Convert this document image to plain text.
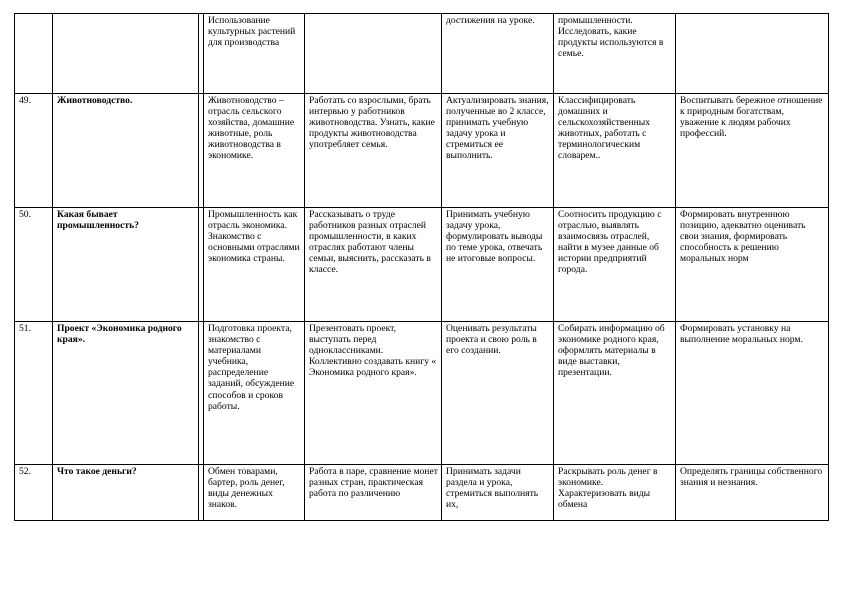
			Использование культурных растений для производства		достижения на уроке.	промышленности. Исследовать, какие продукты используются в семье.	
49.	Животноводство.		Животноводство – отрасль сельского хозяйства, домашние животные, роль животноводства в экономике.	Работать со взрослыми, брать интервью у работников животноводства. Узнать, какие продукты животноводства употребляет семья.	Актуализировать знания, полученные во 2 классе, принимать учебную задачу урока и стремиться ее выполнить.	Классифицировать домашних и сельскохозяйственных животных, работать с терминологическим словарем..	Воспитывать бережное отношение к природным богатствам, уважение к людям рабочих профессий.
50.	Какая бывает промышленность?		Промышленность как отрасль экономика. Знакомство с основными отраслями экономика страны.	Рассказывать о труде работников разных отраслей промышленности, в каких отраслях работают члены семьи, выяснить, рассказать в классе.	Принимать учебную задачу урока, формулировать выводы по теме урока, отвечать не итоговые вопросы.	Соотносить продукцию с отраслью, выявлять взаимосвязь отраслей, найти в музее данные об истории предприятий города.	Формировать внутреннюю позицию, адекватно оценивать свои знания, формировать способность к решению моральных норм
51.	Проект «Экономика родного края».		Подготовка проекта, знакомство с материалами учебника, распределение заданий, обсуждение способов и сроков работы.	Презентовать проект, выступать перед одноклассниками. Коллективно создавать книгу « Экономика родного края».	Оценивать результаты проекта и свою роль в его создании.	Собирать информацию об экономике родного края, оформлять материалы в виде выставки, презентации.	Формировать установку на выполнение моральных норм.
52.	Что такое деньги?		Обмен товарами, бартер, роль денег, виды денежных знаков.	Работа в паре, сравнение монет разных стран, практическая работа по различению	Принимать задачи раздела и урока, стремиться выполнять их,	Раскрывать роль денег в экономике. Характеризовать виды обмена	Определять границы собственного знания и незнания.
